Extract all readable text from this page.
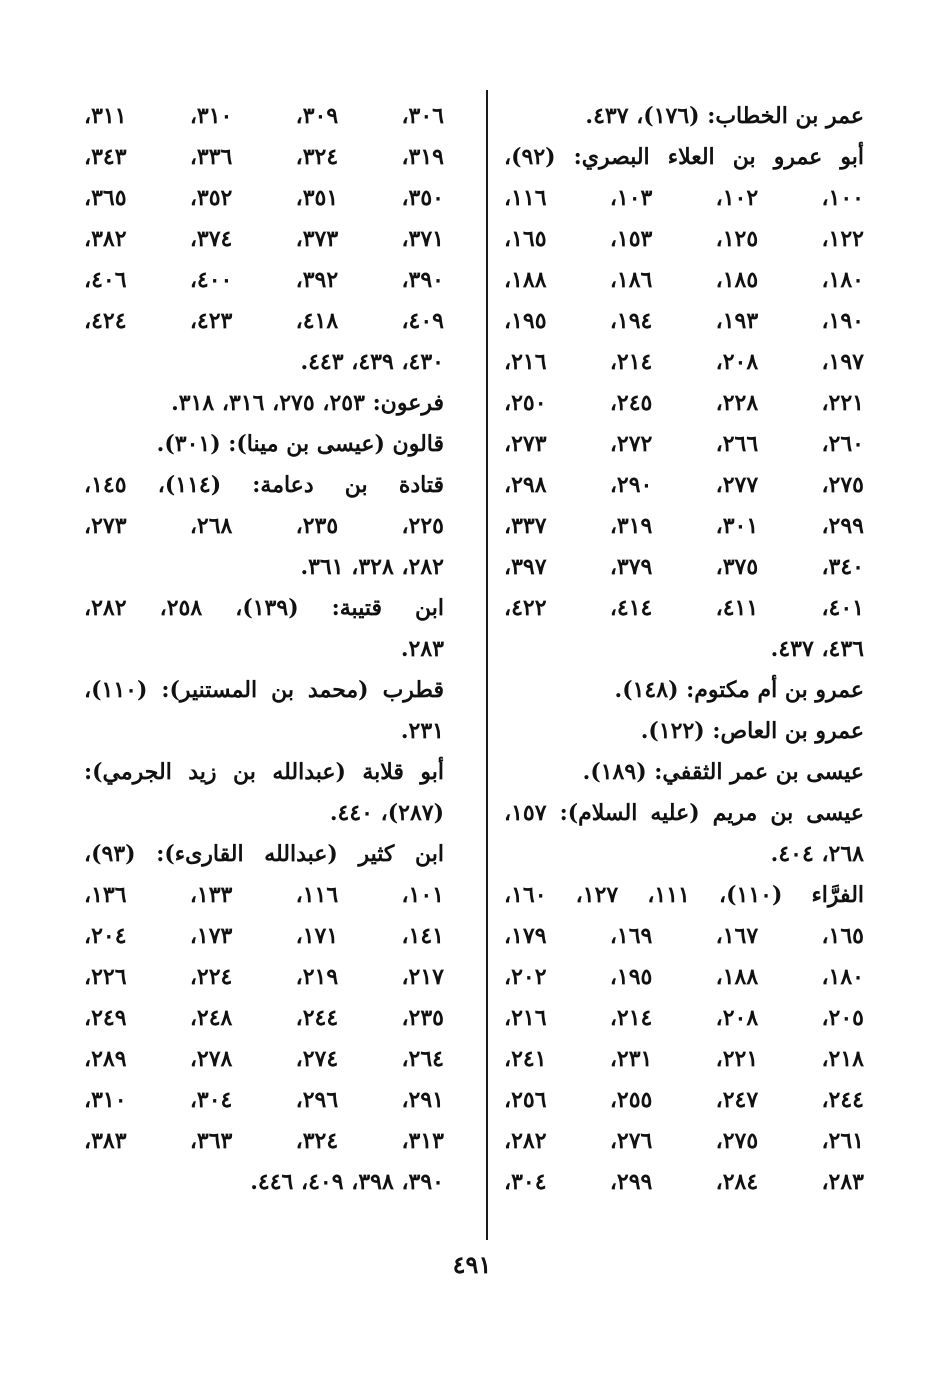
عمر بن الخطاب: (١٧٦)، ٤٣٧.
أبو عمرو بن العلاء البصري: (٩٢)،
١٠٠،
١٠٢،
١٠٣،
١١٦،
١٢٢،
١٢٥،
١٥٣،
١٦٥،
١٨٠،
١٨٥،
١٨٦،
١٨٨،
١٩٠،
١٩٣،
١٩٤،
١٩٥،
١٩٧،
٢٠٨،
٢١٤،
٢١٦،
٢٢١،
٢٢٨،
٢٤٥،
٢٥٠،
٢٦٠،
٢٦٦،
٢٧٢،
٢٧٣،
٢٧٥،
٢٧٧،
٢٩٠،
٢٩٨،
٢٩٩،
٣٠١،
٣١٩،
٣٣٧،
٣٤٠،
٣٧٥،
٣٧٩،
٣٩٧،
٤٠١،
٤١١،
٤١٤،
٤٢٢،
٤٣٦، ٤٣٧.
عمرو بن أم مكتوم: (١٤٨).
عمرو بن العاص: (١٢٢).
عيسى بن عمر الثقفي: (١٨٩).
عيسى بن مريم (عليه السلام): ١٥٧،
٢٦٨، ٤٠٤.
الفرَّاء (١١٠)، ١١١، ١٢٧، ١٦٠،
١٦٥،
١٦٧،
١٦٩،
١٧٩،
١٨٠،
١٨٨،
١٩٥،
٢٠٢،
٢٠٥،
٢٠٨،
٢١٤،
٢١٦،
٢١٨،
٢٢١،
٢٣١،
٢٤١،
٢٤٤،
٢٤٧،
٢٥٥،
٢٥٦،
٢٦١،
٢٧٥،
٢٧٦،
٢٨٢،
٢٨٣،
٢٨٤،
٢٩٩،
٣٠٤،
٣٠٦،
٣٠٩،
٣١٠،
٣١١،
٣١٩،
٣٢٤،
٣٣٦،
٣٤٣،
٣٥٠،
٣٥١،
٣٥٢،
٣٦٥،
٣٧١،
٣٧٣،
٣٧٤،
٣٨٢،
٣٩٠،
٣٩٢،
٤٠٠،
٤٠٦،
٤٠٩،
٤١٨،
٤٢٣،
٤٢٤،
٤٣٠، ٤٣٩، ٤٤٣.
فرعون: ٢٥٣، ٢٧٥، ٣١٦، ٣١٨.
قالون (عيسى بن مينا): (٣٠١).
قتادة بن دعامة: (١١٤)، ١٤٥،
٢٢٥،
٢٣٥،
٢٦٨،
٢٧٣،
٢٨٢، ٣٢٨، ٣٦١.
ابن قتيبة: (١٣٩)، ٢٥٨، ٢٨٢،
٢٨٣.
قطرب (محمد بن المستنير): (١١٠)،
٢٣١.
أبو قلابة (عبدالله بن زيد الجرمي):
(٢٨٧)، ٤٤٠.
ابن كثير (عبدالله القارىء): (٩٣)،
١٠١،
١١٦،
١٣٣،
١٣٦،
١٤١،
١٧١،
١٧٣،
٢٠٤،
٢١٧،
٢١٩،
٢٢٤،
٢٢٦،
٢٣٥،
٢٤٤،
٢٤٨،
٢٤٩،
٢٦٤،
٢٧٤،
٢٧٨،
٢٨٩،
٢٩١،
٢٩٦،
٣٠٤،
٣١٠،
٣١٣،
٣٢٤،
٣٦٣،
٣٨٣،
٣٩٠، ٣٩٨، ٤٠٩، ٤٤٦.
٤٩١
